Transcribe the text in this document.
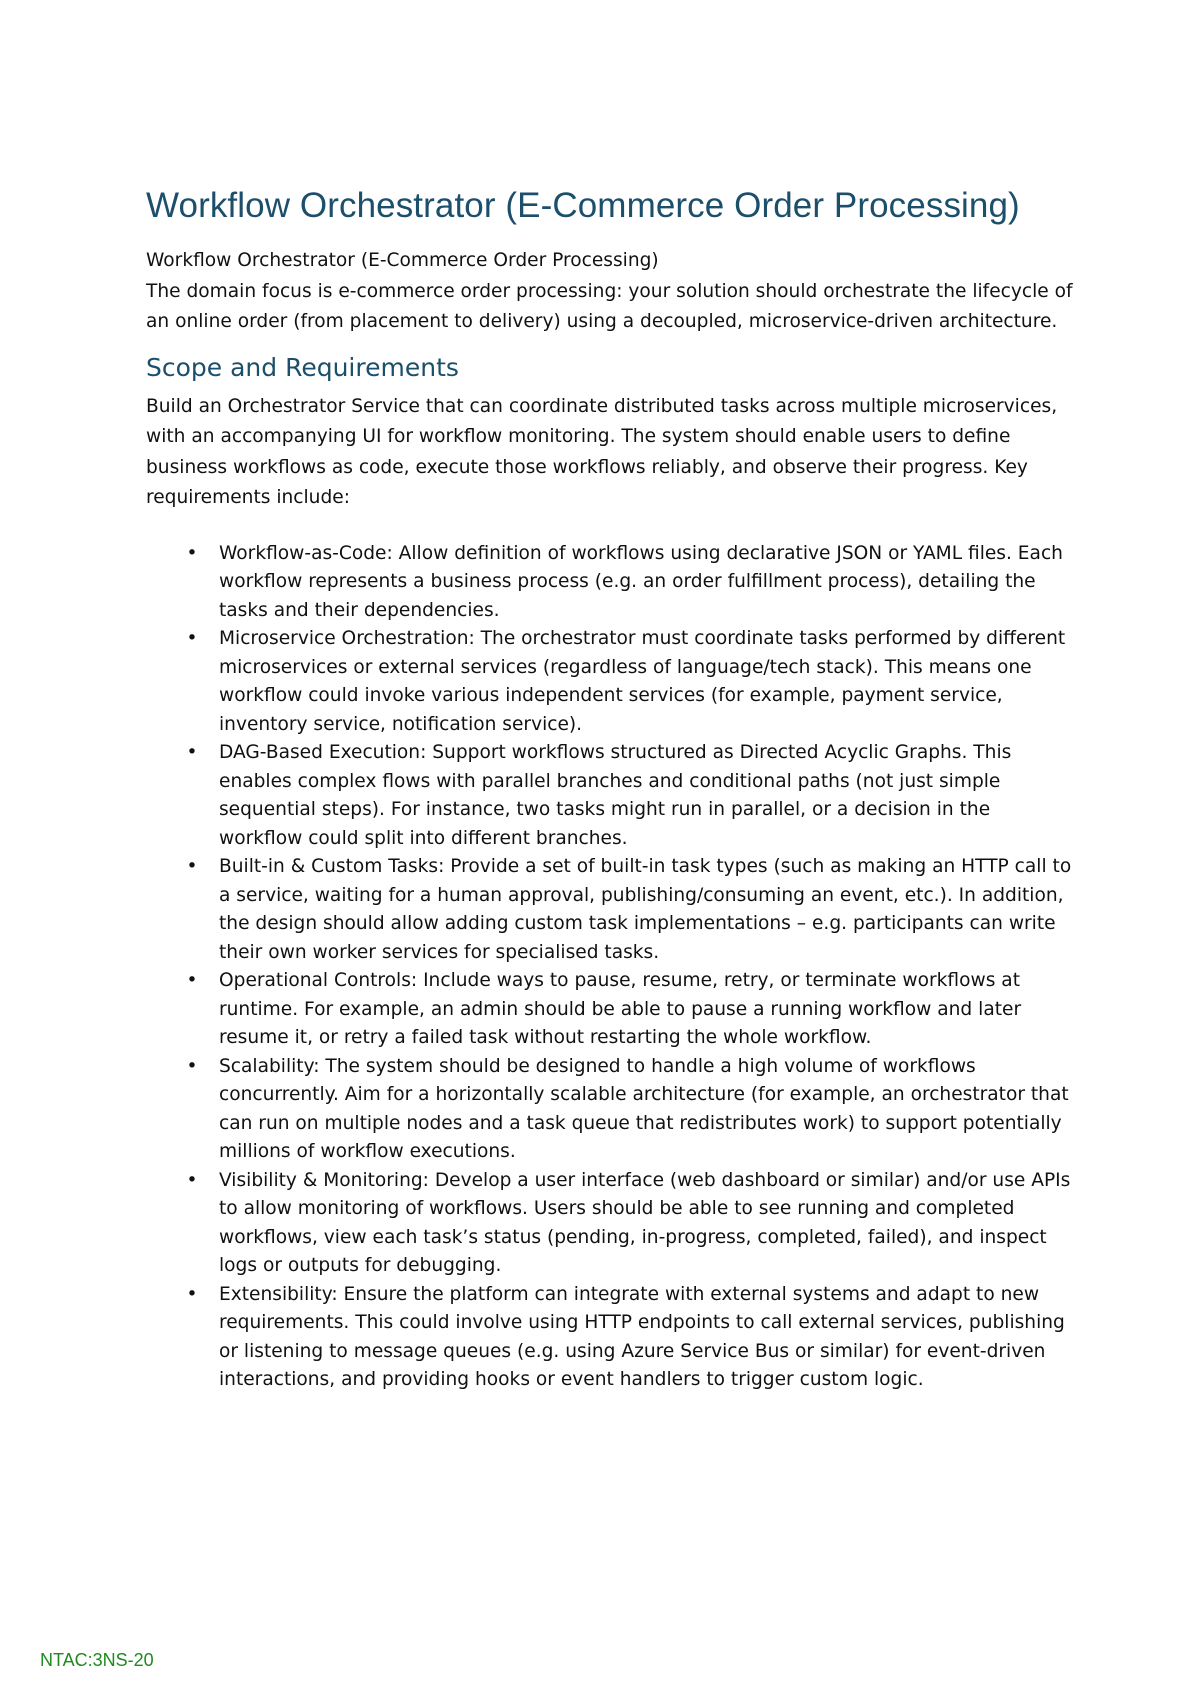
Workflow Orchestrator (E-Commerce Order Processing)

Workflow Orchestrator (E-Commerce Order Processing)

The domain focus is e-commerce order processing: your solution should orchestrate the lifecycle of an online order (from placement to delivery) using a decoupled, microservice-driven architecture.

Scope and Requirements

Build an Orchestrator Service that can coordinate distributed tasks across multiple microservices, with an accompanying UI for workflow monitoring. The system should enable users to define business workflows as code, execute those workflows reliably, and observe their progress. Key requirements include:

• Workflow-as-Code: Allow definition of workflows using declarative JSON or YAML files. Each workflow represents a business process (e.g. an order fulfillment process), detailing the tasks and their dependencies.
• Microservice Orchestration: The orchestrator must coordinate tasks performed by different microservices or external services (regardless of language/tech stack). This means one workflow could invoke various independent services (for example, payment service, inventory service, notification service).
• DAG-Based Execution: Support workflows structured as Directed Acyclic Graphs. This enables complex flows with parallel branches and conditional paths (not just simple sequential steps). For instance, two tasks might run in parallel, or a decision in the workflow could split into different branches.
• Built-in & Custom Tasks: Provide a set of built-in task types (such as making an HTTP call to a service, waiting for a human approval, publishing/consuming an event, etc.). In addition, the design should allow adding custom task implementations – e.g. participants can write their own worker services for specialised tasks.
• Operational Controls: Include ways to pause, resume, retry, or terminate workflows at runtime. For example, an admin should be able to pause a running workflow and later resume it, or retry a failed task without restarting the whole workflow.
• Scalability: The system should be designed to handle a high volume of workflows concurrently. Aim for a horizontally scalable architecture (for example, an orchestrator that can run on multiple nodes and a task queue that redistributes work) to support potentially millions of workflow executions.
• Visibility & Monitoring: Develop a user interface (web dashboard or similar) and/or use APIs to allow monitoring of workflows. Users should be able to see running and completed workflows, view each task’s status (pending, in-progress, completed, failed), and inspect logs or outputs for debugging.
• Extensibility: Ensure the platform can integrate with external systems and adapt to new requirements. This could involve using HTTP endpoints to call external services, publishing or listening to message queues (e.g. using Azure Service Bus or similar) for event-driven interactions, and providing hooks or event handlers to trigger custom logic.
NTAC:3NS-20
